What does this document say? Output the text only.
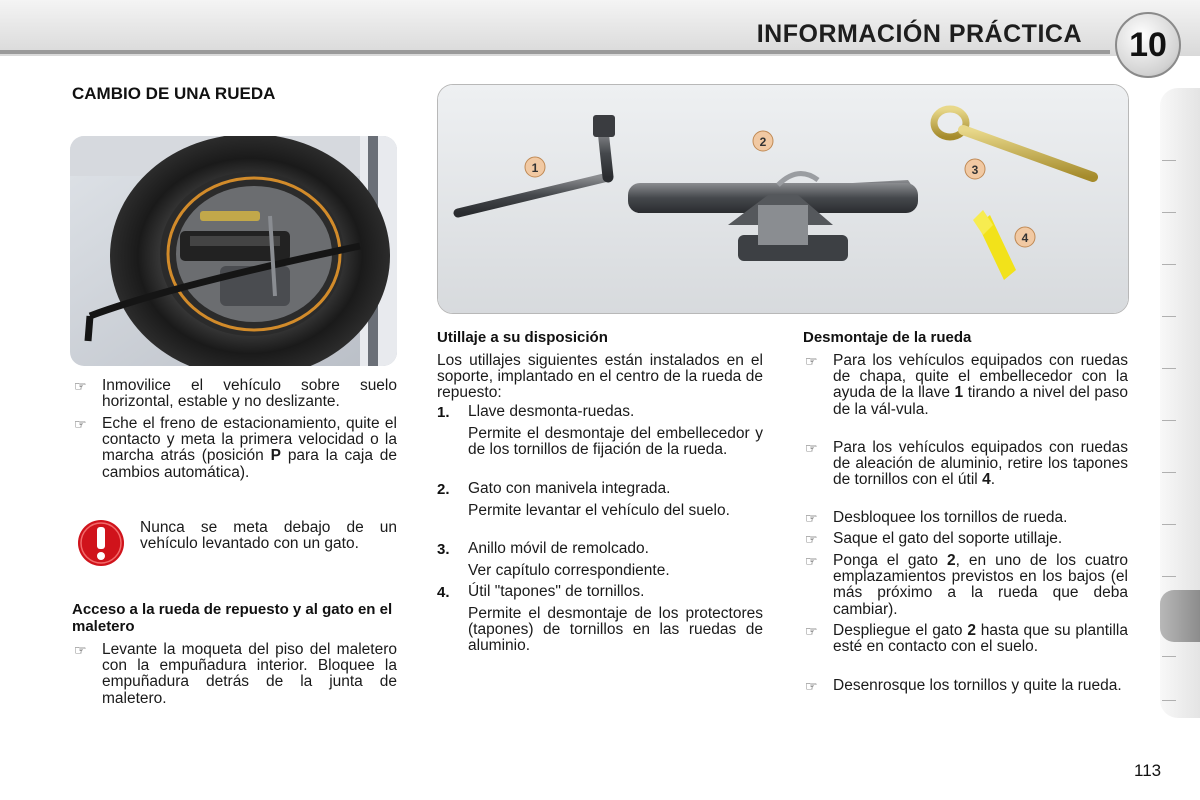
INFORMACIÓN PRÁCTICA	10
CAMBIO DE UNA RUEDA
☞ Inmovilice el vehículo sobre suelo horizontal, estable y no deslizante.
☞ Eche el freno de estacionamiento, quite el contacto y meta la primera velocidad o la marcha atrás (posición P para la caja de cambios automática).
Nunca se meta debajo de un vehículo levantado con un gato.
Acceso a la rueda de repuesto y al gato en el maletero
☞ Levante la moqueta del piso del maletero con la empuñadura interior. Bloquee la empuñadura detrás de la junta de maletero.
1
2
3
4
Utillaje a su disposición
Los utillajes siguientes están instalados en el soporte, implantado en el centro de la rueda de repuesto:
1. Llave desmonta-ruedas.
Permite el desmontaje del embellecedor y de los tornillos de fijación de la rueda.
2. Gato con manivela integrada.
Permite levantar el vehículo del suelo.
3. Anillo móvil de remolcado.
Ver capítulo correspondiente.
4. Útil "tapones" de tornillos.
Permite el desmontaje de los protectores (tapones) de tornillos en las ruedas de aluminio.
Desmontaje de la rueda
☞ Para los vehículos equipados con ruedas de chapa, quite el embellecedor con la ayuda de la llave 1 tirando a nivel del paso de la vál-vula.
☞ Para los vehículos equipados con ruedas de aleación de aluminio, retire los tapones de tornillos con el útil 4.
☞ Desbloquee los tornillos de rueda.
☞ Saque el gato del soporte utillaje.
☞ Ponga el gato 2, en uno de los cuatro emplazamientos previstos en los bajos (el más próximo a la rueda que deba cambiar).
☞ Despliegue el gato 2 hasta que su plantilla esté en contacto con el suelo.
☞ Desenrosque los tornillos y quite la rueda.
113
